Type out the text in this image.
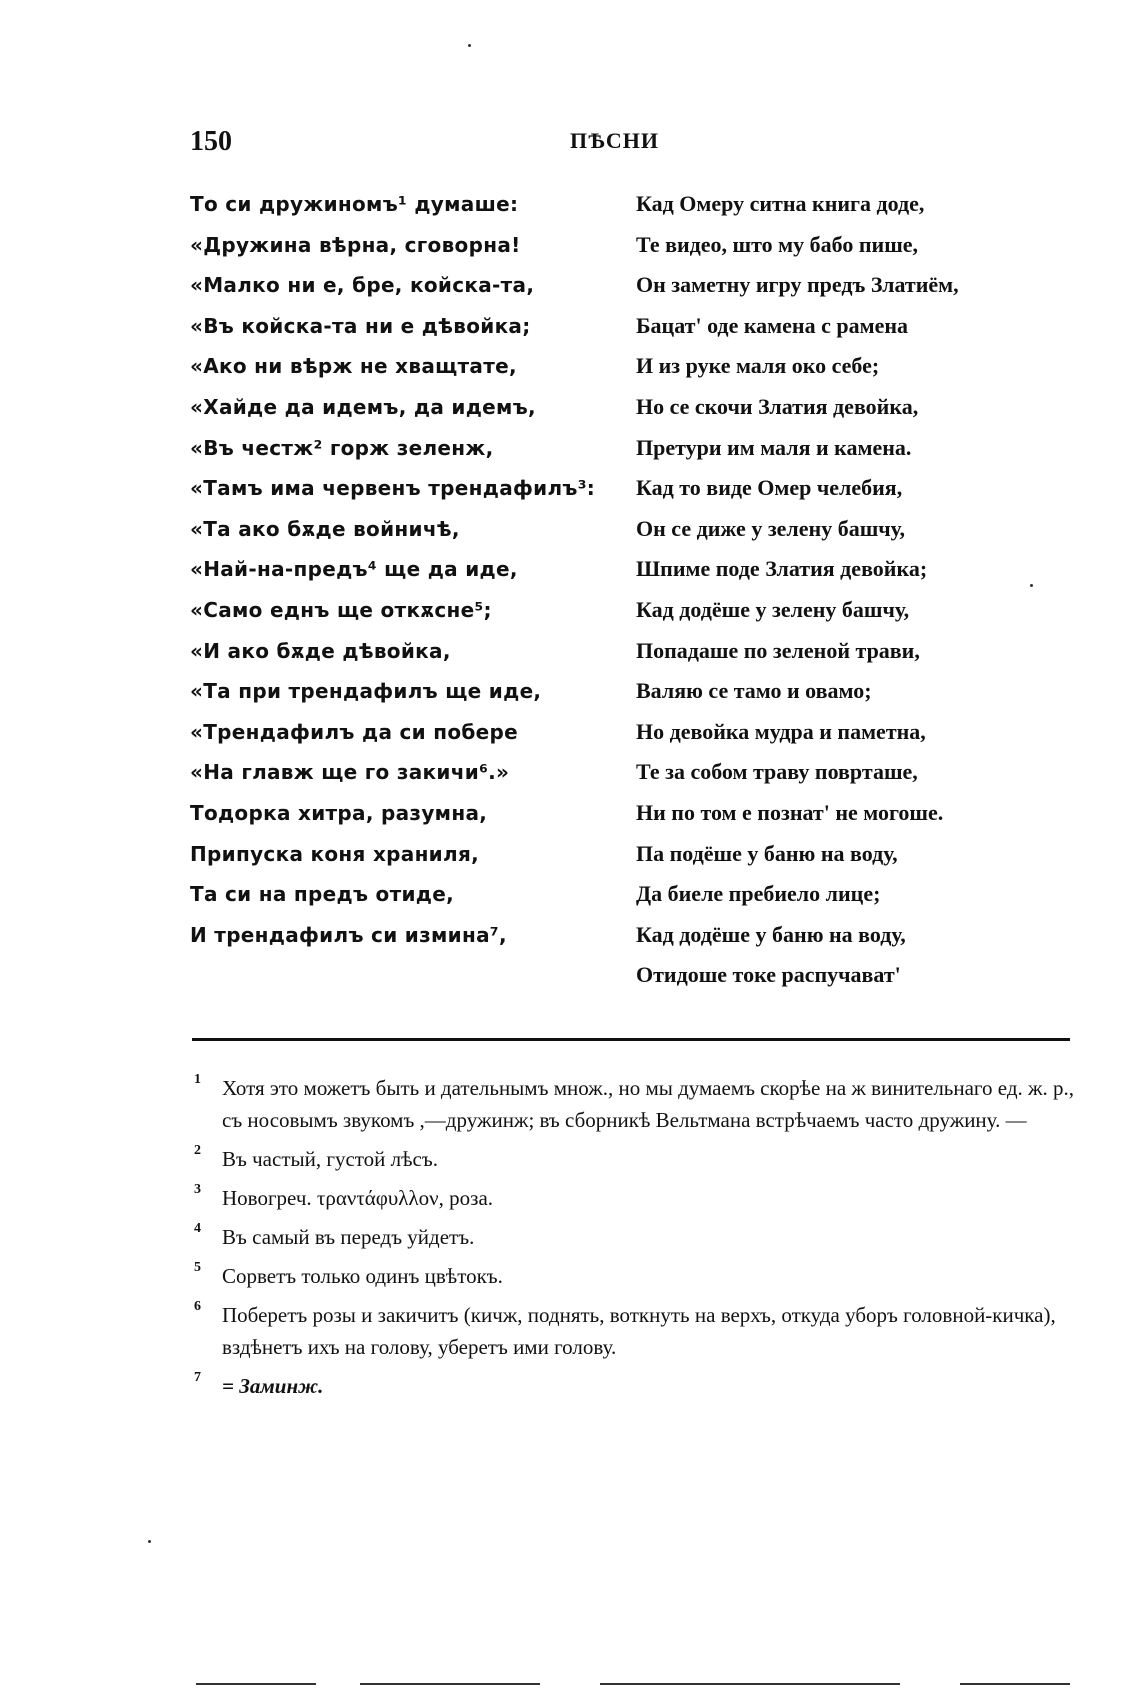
150	ПѢСНИ
То си дружиномъ¹ думаше:
«Дружина вѣрна, сговорна!
«Малко ни е, бре, койска-та,
«Въ койска-та ни е дѣвойка;
«Ако ни вѣрж не хващтате,
«Хайде да идемъ, да идемъ,
«Въ честж² горж зеленж,
«Тамъ има червенъ трендафилъ³:
«Та ако бѫде войничѣ,
«Най-на-предъ⁴ ще да иде,
«Само еднъ ще откѫсне⁵;
«И ако бѫде дѣвойка,
«Та при трендафилъ ще иде,
«Трендафилъ да си побере
«На главж ще го закичи⁶.»
Тодорка хитра, разумна,
Припуска коня храниля,
Та си на предъ отиде,
И трендафилъ си измина⁷,
Кад Омеру ситна книга доде,
Те видео, што му бабо пише,
Он заметну игру предъ Златиём,
Бацат' оде камена с рамена
И из руке маля око себе;
Но се скочи Златия девойка,
Претури им маля и камена.
Кад то виде Омер челебия,
Он се диже у зелену башчу,
Шпиме поде Златия девойка;
Кад додёше у зелену башчу,
Попадаше по зеленой трави,
Валяю се тамо и овамо;
Но девойка мудра и паметна,
Те за собом траву поврташе,
Ни по том е познат' не могоше.
Па подёше у баню на воду,
Да биеле пребиело лице;
Кад додёше у баню на воду,
Отидоше токе распучават'
1 Хотя это можетъ быть и дательнымъ множ., но мы думаемъ скорѣе на ж винительнаго ед. ж. р., съ носовымъ звукомъ ,—дружинж; въ сборникѣ Вельтмана встрѣчаемъ часто дружину. —
2 Въ частый, густой лѣсъ.
3 Новогреч. τραντάφυλλον, роза.
4 Въ самый въ передъ уйдетъ.
5 Сорветъ только одинъ цвѣтокъ.
6 Поберетъ розы и закичитъ (кичж, поднять, воткнуть на верхъ, откуда уборъ головной-кичка), вздѣнетъ ихъ на голову, уберетъ ими голову.
7 = Заминж.
